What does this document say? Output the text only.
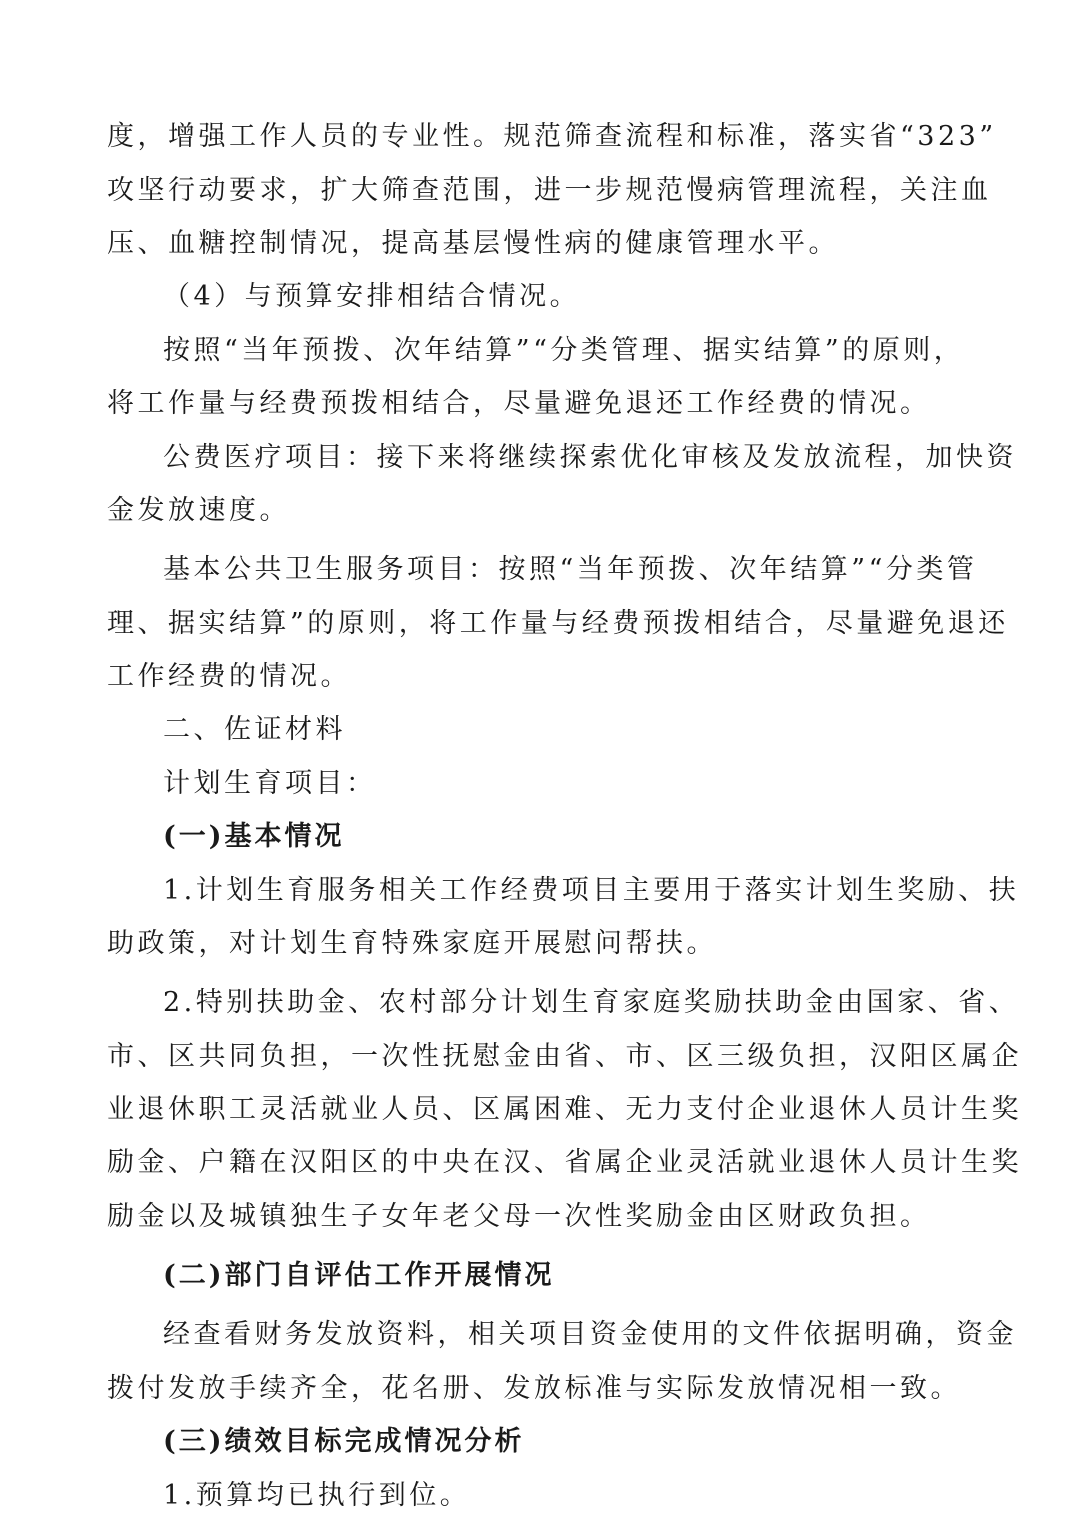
度，增强工作人员的专业性。规范筛查流程和标准，落实省“323”
攻坚行动要求，扩大筛查范围，进一步规范慢病管理流程，关注血
压、血糖控制情况，提高基层慢性病的健康管理水平。
（4）与预算安排相结合情况。
按照“当年预拨、次年结算”“分类管理、据实结算”的原则，
将工作量与经费预拨相结合，尽量避免退还工作经费的情况。
公费医疗项目：接下来将继续探索优化审核及发放流程，加快资
金发放速度。
基本公共卫生服务项目：按照“当年预拨、次年结算”“分类管
理、据实结算”的原则，将工作量与经费预拨相结合，尽量避免退还
工作经费的情况。
二、佐证材料
计划生育项目：
(一)基本情况
1.计划生育服务相关工作经费项目主要用于落实计划生奖励、扶
助政策，对计划生育特殊家庭开展慰问帮扶。
2.特别扶助金、农村部分计划生育家庭奖励扶助金由国家、省、
市、区共同负担，一次性抚慰金由省、市、区三级负担，汉阳区属企
业退休职工灵活就业人员、区属困难、无力支付企业退休人员计生奖
励金、户籍在汉阳区的中央在汉、省属企业灵活就业退休人员计生奖
励金以及城镇独生子女年老父母一次性奖励金由区财政负担。
(二)部门自评估工作开展情况
经查看财务发放资料，相关项目资金使用的文件依据明确，资金
拨付发放手续齐全，花名册、发放标准与实际发放情况相一致。
(三)绩效目标完成情况分析
1.预算均已执行到位。
